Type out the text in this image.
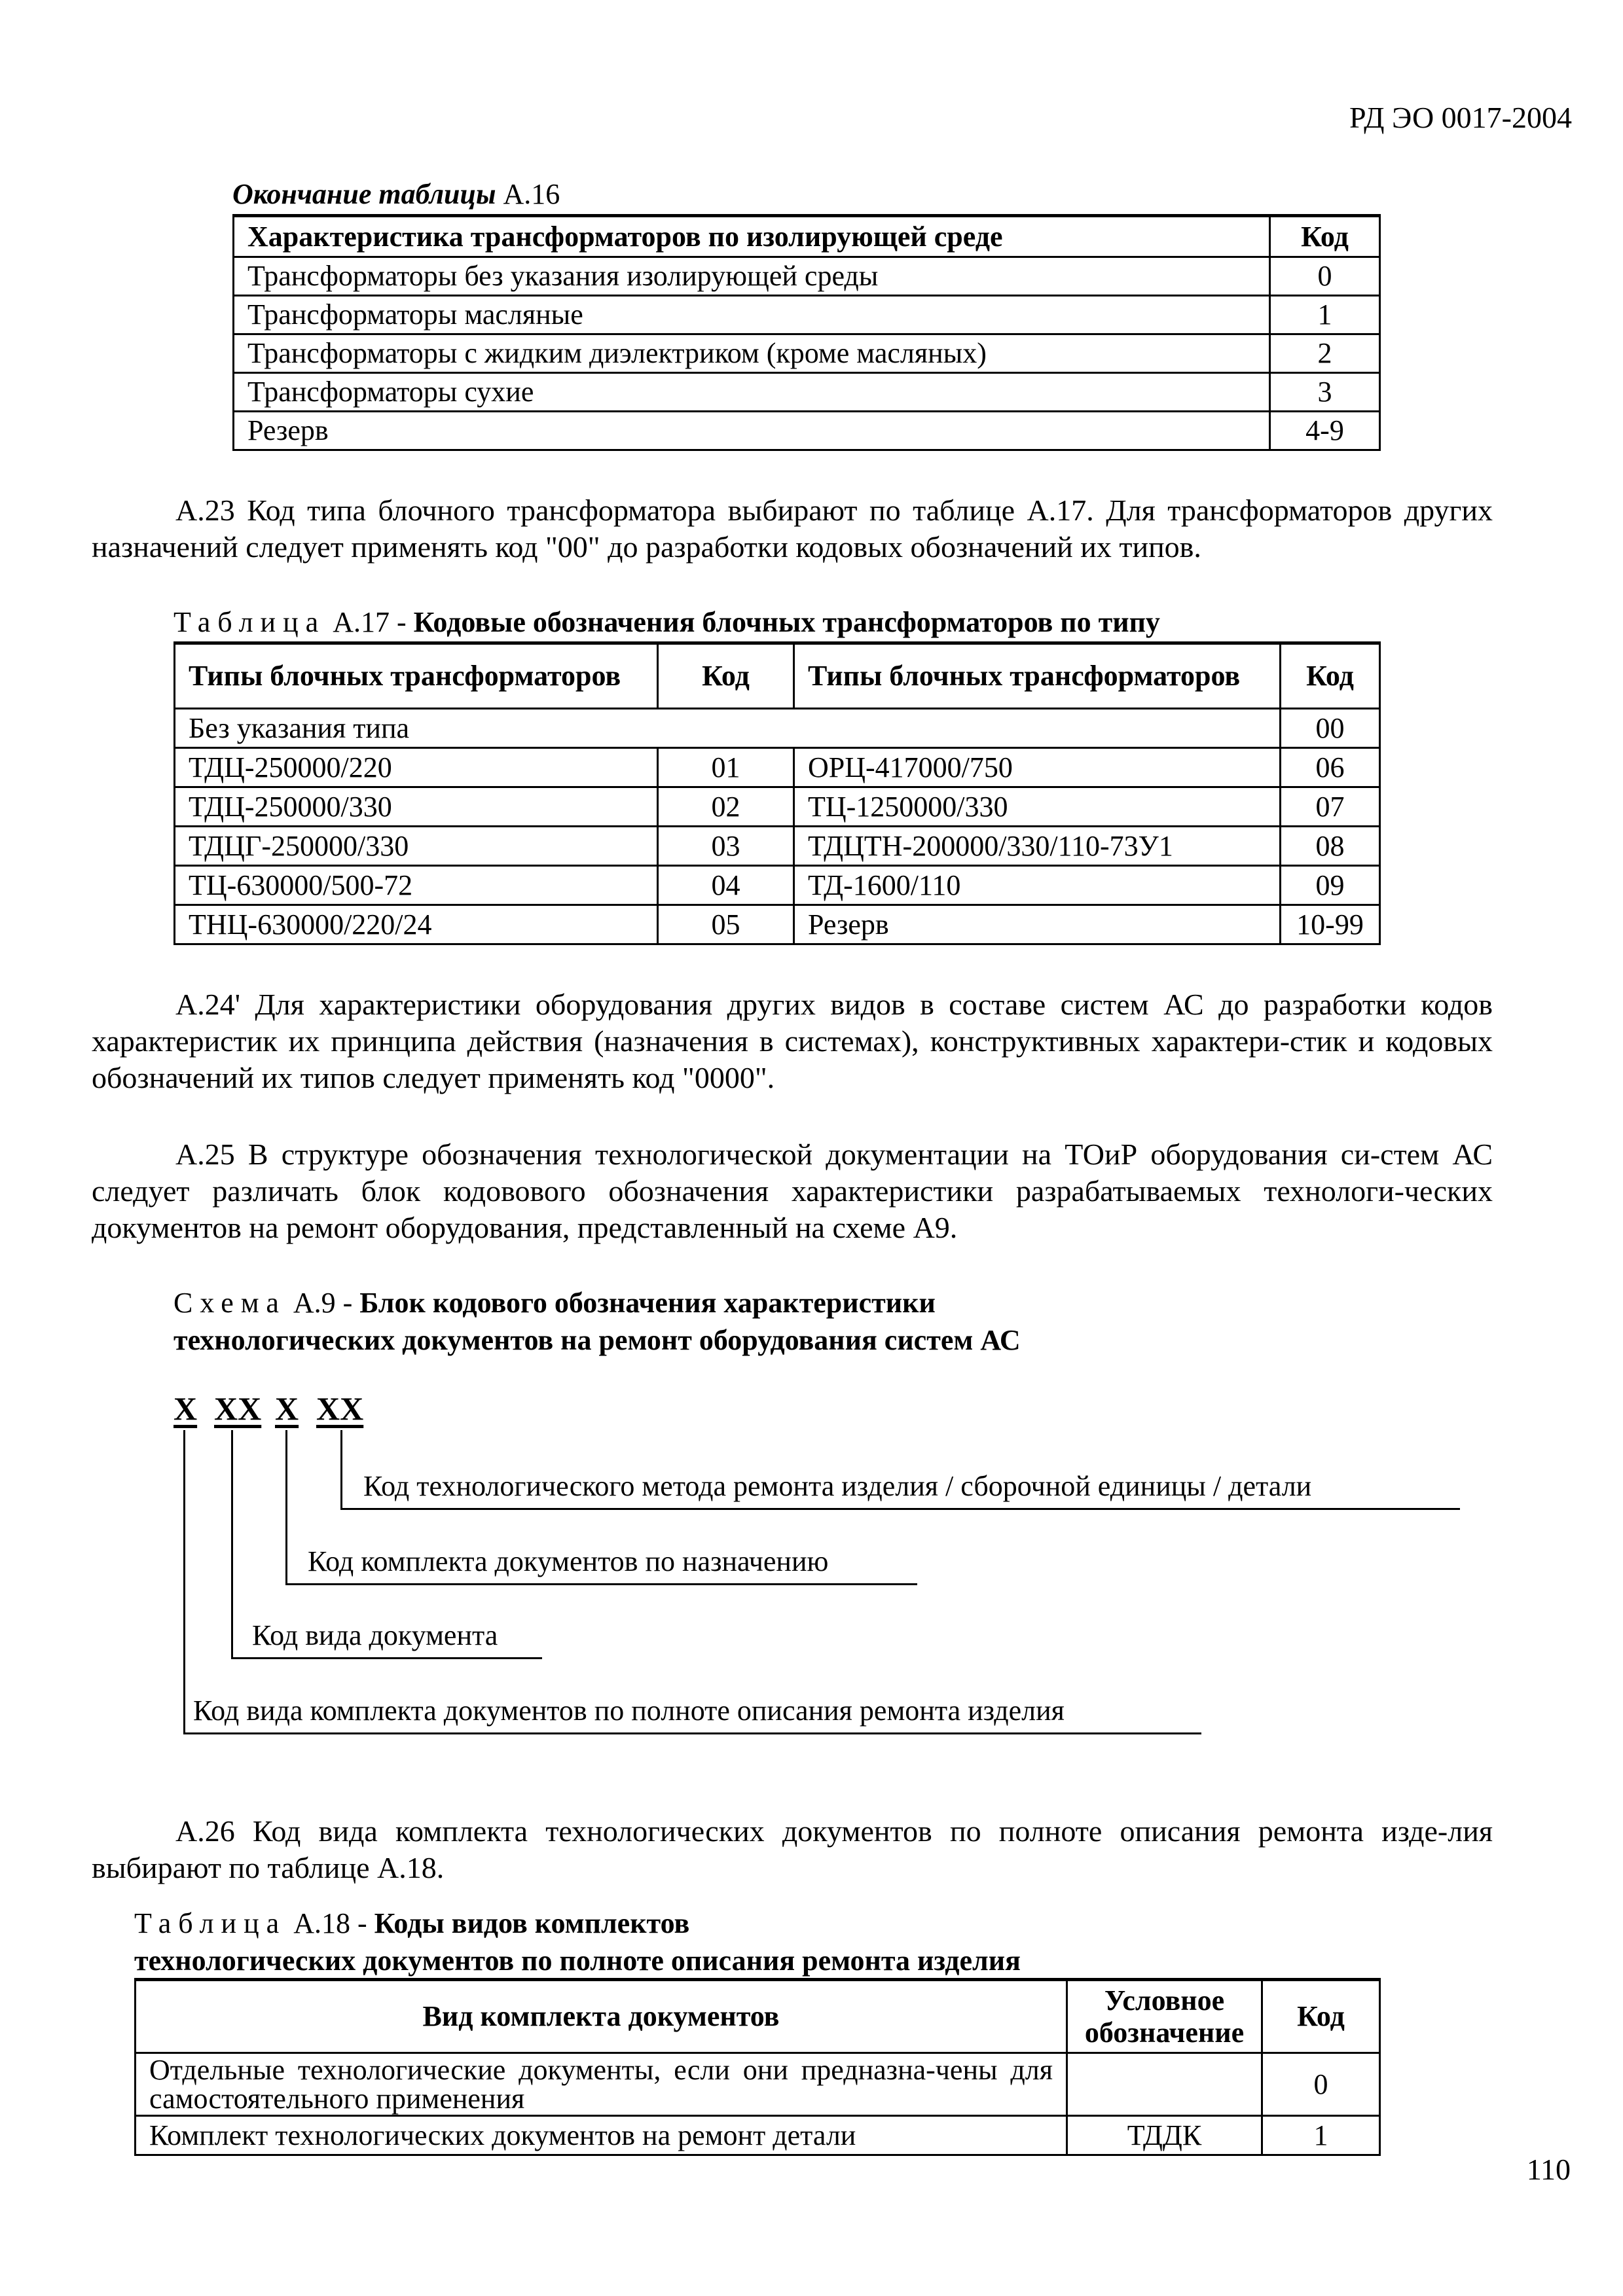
РД ЭО 0017-2004
Окончание таблицы А.16
Характеристика трансформаторов по изолирующей среде	Код
Трансформаторы без указания изолирующей среды	0
Трансформаторы масляные	1
Трансформаторы с жидким диэлектриком (кроме масляных)	2
Трансформаторы сухие	3
Резерв	4-9

А.23 Код типа блочного трансформатора выбирают по таблице А.17. Для трансформаторов других назначений следует применять код "00" до разработки кодовых обозначений их типов.

Таблица А.17 - Кодовые обозначения блочных трансформаторов по типу
Типы блочных трансформаторов	Код	Типы блочных трансформаторов	Код
Без указания типа			00
ТДЦ-250000/220	01	ОРЦ-417000/750	06
ТДЦ-250000/330	02	ТЦ-1250000/330	07
ТДЦГ-250000/330	03	ТДЦТН-200000/330/110-73У1	08
ТЦ-630000/500-72	04	ТД-1600/110	09
ТНЦ-630000/220/24	05	Резерв	10-99

А.24' Для характеристики оборудования других видов в составе систем АС до разработки кодов характеристик их принципа действия (назначения в системах), конструктивных характери-стик и кодовых обозначений их типов следует применять код "0000".

А.25 В структуре обозначения технологической документации на ТОиР оборудования си-стем АС следует различать блок кодовового обозначения характеристики разрабатываемых технологи-ческих документов на ремонт оборудования, представленный на схеме А9.

Схема А.9 - Блок кодового обозначения характеристики
технологических документов на ремонт оборудования систем АС
X XX X XX
Код технологического метода ремонта изделия / сборочной единицы / детали
Код комплекта документов по назначению
Код вида документа
Код вида комплекта документов по полноте описания ремонта изделия

А.26 Код вида комплекта технологических документов по полноте описания ремонта изде-лия выбирают по таблице А.18.

Таблица А.18 - Коды видов комплектов
технологических документов по полноте описания ремонта изделия
Вид комплекта документов	Условное обозначение	Код
Отдельные технологические документы, если они предназна-чены для самостоятельного применения		0
Комплект технологических документов на ремонт детали	ТДДК	1
110
